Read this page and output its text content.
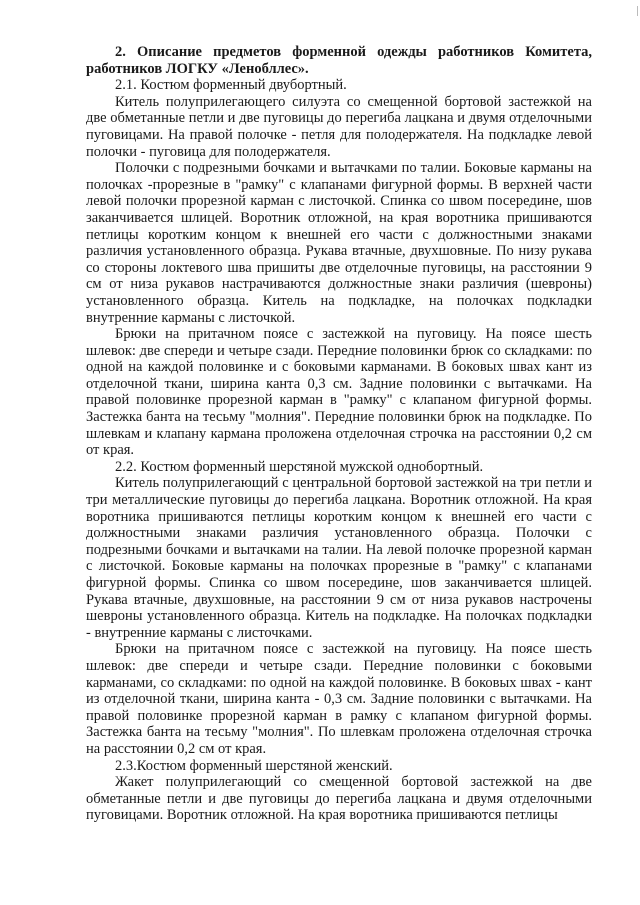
2. Описание предметов форменной одежды работников Комитета, работников ЛОГКУ «Ленобллес».

2.1. Костюм форменный двубортный.

Китель полуприлегающего силуэта со смещенной бортовой застежкой на две обметанные петли и две пуговицы до перегиба лацкана и двумя отделочными пуговицами. На правой полочке - петля для полодержателя. На подкладке левой полочки - пуговица для полодержателя.

Полочки с подрезными бочками и вытачками по талии. Боковые карманы на полочках -прорезные в "рамку" с клапанами фигурной формы. В верхней части левой полочки прорезной карман с листочкой. Спинка со швом посередине, шов заканчивается шлицей. Воротник отложной, на края воротника пришиваются петлицы коротким концом к внешней его части с должностными знаками различия установленного образца. Рукава втачные, двухшовные. По низу рукава со стороны локтевого шва пришиты две отделочные пуговицы, на расстоянии 9 см от низа рукавов настрачиваются должностные знаки различия (шевроны) установленного образца. Китель на подкладке, на полочках подкладки внутренние карманы с листочкой.

Брюки на притачном поясе с застежкой на пуговицу. На поясе шесть шлевок: две спереди и четыре сзади. Передние половинки брюк со складками: по одной на каждой половинке и с боковыми карманами. В боковых швах кант из отделочной ткани, ширина канта 0,3 см. Задние половинки с вытачками. На правой половинке прорезной карман в "рамку" с клапаном фигурной формы. Застежка банта на тесьму "молния". Передние половинки брюк на подкладке. По шлевкам и клапану кармана проложена отделочная строчка на расстоянии 0,2 см от края.

2.2. Костюм форменный шерстяной мужской однобортный.

Китель полуприлегающий с центральной бортовой застежкой на три петли и три металлические пуговицы до перегиба лацкана. Воротник отложной. На края воротника пришиваются петлицы коротким концом к внешней его части с должностными знаками различия установленного образца. Полочки с подрезными бочками и вытачками на талии. На левой полочке прорезной карман с листочкой. Боковые карманы на полочках прорезные в "рамку" с клапанами фигурной формы. Спинка со швом посередине, шов заканчивается шлицей. Рукава втачные, двухшовные, на расстоянии 9 см от низа рукавов настрочены шевроны установленного образца. Китель на подкладке. На полочках подкладки - внутренние карманы с листочками.

Брюки на притачном поясе с застежкой на пуговицу. На поясе шесть шлевок: две спереди и четыре сзади. Передние половинки с боковыми карманами, со складками: по одной на каждой половинке. В боковых швах - кант из отделочной ткани, ширина канта - 0,3 см. Задние половинки с вытачками. На правой половинке прорезной карман в рамку с клапаном фигурной формы. Застежка банта на тесьму "молния". По шлевкам проложена отделочная строчка на расстоянии 0,2 см от края.

2.3.Костюм форменный шерстяной женский.

Жакет полуприлегающий со смещенной бортовой застежкой на две обметанные петли и две пуговицы до перегиба лацкана и двумя отделочными пуговицами. Воротник отложной. На края воротника пришиваются петлицы
